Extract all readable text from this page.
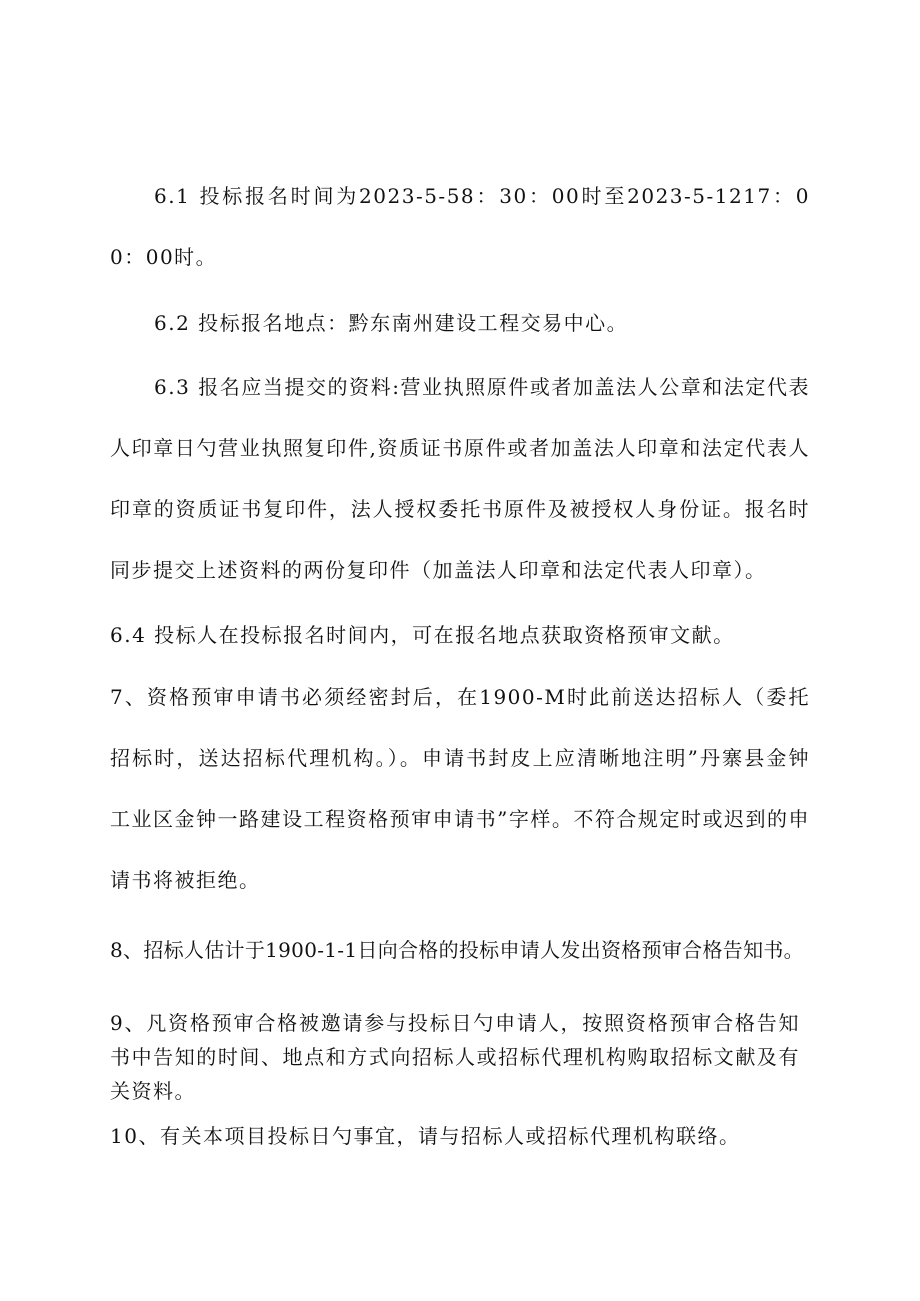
6.1 投标报名时间为2023-5-58：30：00时至2023-5-1217：00：00时。

6.2 投标报名地点：黔东南州建设工程交易中心。

6.3 报名应当提交的资料:营业执照原件或者加盖法人公章和法定代表人印章日勺营业执照复印件,资质证书原件或者加盖法人印章和法定代表人印章的资质证书复印件，法人授权委托书原件及被授权人身份证。报名时同步提交上述资料的两份复印件（加盖法人印章和法定代表人印章）。

6.4 投标人在投标报名时间内，可在报名地点获取资格预审文献。

7、资格预审申请书必须经密封后，在1900-M时此前送达招标人（委托招标时，送达招标代理机构。）。申请书封皮上应清晰地注明”丹寨县金钟工业区金钟一路建设工程资格预审申请书”字样。不符合规定时或迟到的申请书将被拒绝。

8、招标人估计于1900-1-1日向合格的投标申请人发出资格预审合格告知书。

9、凡资格预审合格被邀请参与投标日勺申请人，按照资格预审合格告知书中告知的时间、地点和方式向招标人或招标代理机构购取招标文献及有关资料。

10、有关本项目投标日勺事宜，请与招标人或招标代理机构联络。
